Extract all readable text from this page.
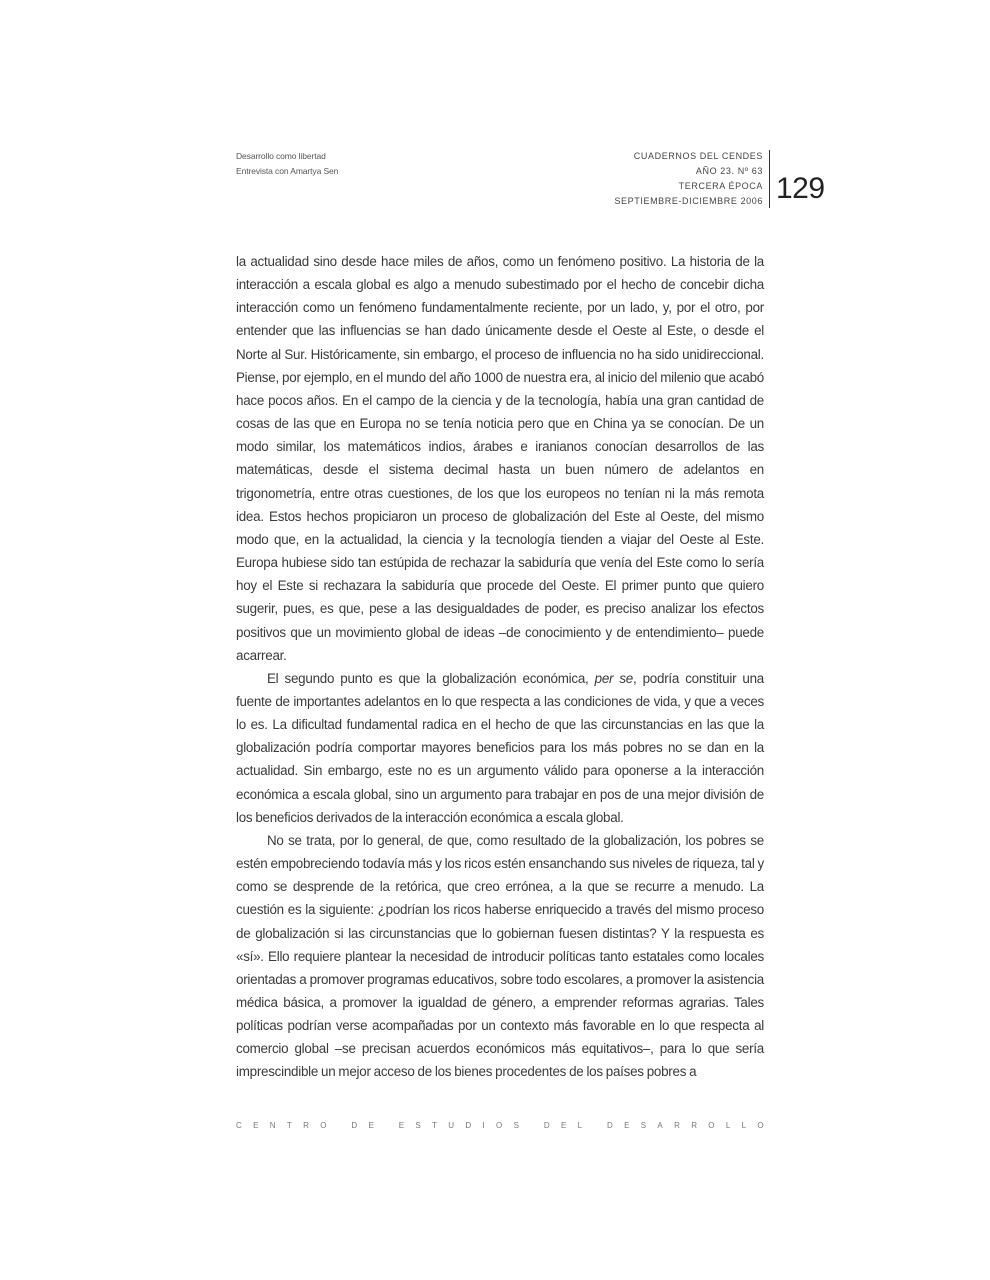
Desarrollo como libertad
Entrevista con Amartya Sen
CUADERNOS DEL CENDES
AÑO 23. Nº 63
TERCERA ÉPOCA
SEPTIEMBRE-DICIEMBRE 2006 129

la actualidad sino desde hace miles de años, como un fenómeno positivo. La historia de la interacción a escala global es algo a menudo subestimado por el hecho de concebir dicha interacción como un fenómeno fundamentalmente reciente, por un lado, y, por el otro, por entender que las influencias se han dado únicamente desde el Oeste al Este, o desde el Norte al Sur. Históricamente, sin embargo, el proceso de influencia no ha sido unidireccional. Piense, por ejemplo, en el mundo del año 1000 de nuestra era, al inicio del milenio que acabó hace pocos años. En el campo de la ciencia y de la tecnología, había una gran cantidad de cosas de las que en Europa no se tenía noticia pero que en China ya se conocían. De un modo similar, los matemáticos indios, árabes e iranianos conocían desarrollos de las matemáticas, desde el sistema decimal hasta un buen número de adelantos en trigonometría, entre otras cuestiones, de los que los europeos no tenían ni la más remota idea. Estos hechos propiciaron un proceso de globalización del Este al Oeste, del mismo modo que, en la actualidad, la ciencia y la tecnología tienden a viajar del Oeste al Este. Europa hubiese sido tan estúpida de rechazar la sabiduría que venía del Este como lo sería hoy el Este si rechazara la sabiduría que procede del Oeste. El primer punto que quiero sugerir, pues, es que, pese a las desigualdades de poder, es preciso analizar los efectos positivos que un movimiento global de ideas –de conocimiento y de entendimiento– puede acarrear.

El segundo punto es que la globalización económica, per se, podría constituir una fuente de importantes adelantos en lo que respecta a las condiciones de vida, y que a veces lo es. La dificultad fundamental radica en el hecho de que las circunstancias en las que la globalización podría comportar mayores beneficios para los más pobres no se dan en la actualidad. Sin embargo, este no es un argumento válido para oponerse a la interacción económica a escala global, sino un argumento para trabajar en pos de una mejor división de los beneficios derivados de la interacción económica a escala global.

No se trata, por lo general, de que, como resultado de la globalización, los pobres se estén empobreciendo todavía más y los ricos estén ensanchando sus niveles de riqueza, tal y como se desprende de la retórica, que creo errónea, a la que se recurre a menudo. La cuestión es la siguiente: ¿podrían los ricos haberse enriquecido a través del mismo proceso de globalización si las circunstancias que lo gobiernan fuesen distintas? Y la respuesta es «sí». Ello requiere plantear la necesidad de introducir políticas tanto estatales como locales orientadas a promover programas educativos, sobre todo escolares, a promover la asistencia médica básica, a promover la igualdad de género, a emprender reformas agrarias. Tales políticas podrían verse acompañadas por un contexto más favorable en lo que respecta al comercio global –se precisan acuerdos económicos más equitativos–, para lo que sería imprescindible un mejor acceso de los bienes procedentes de los países pobres a

C E N T R O
	D E
	E S T U D I O S
	D E L
	D E S A R R O L L O
